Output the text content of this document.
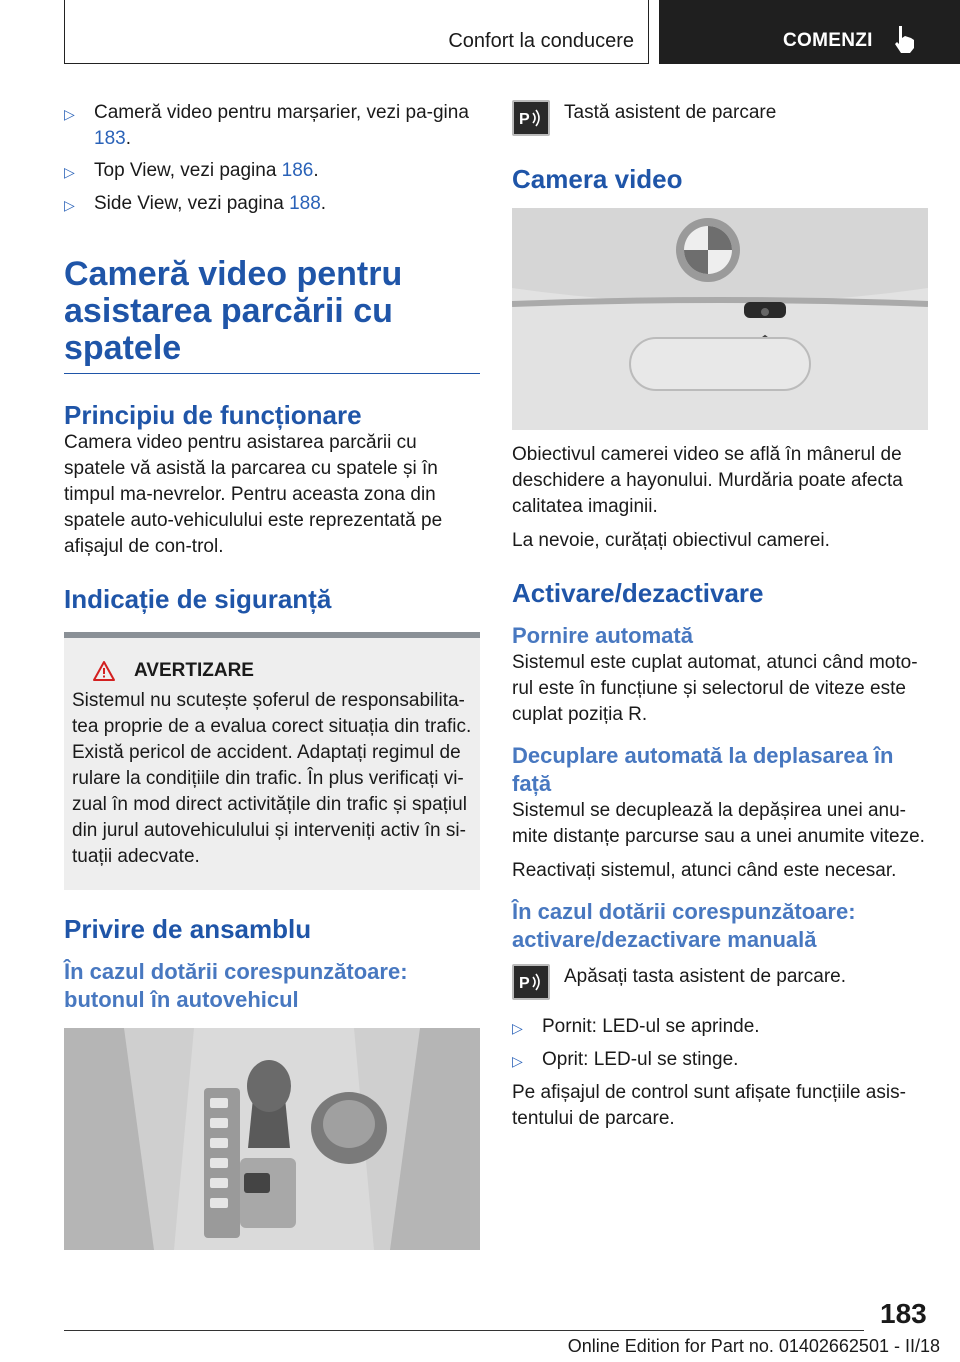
Confort la conducere	COMENZI
▷	Cameră video pentru marșarier, vezi pa-gina 183.
▷	Top View, vezi pagina 186.
▷	Side View, vezi pagina 188.
Cameră video pentru asistarea parcării cu spatele
Principiu de funcționare

Camera video pentru asistarea parcării cu spatele vă asistă la parcarea cu spatele și în timpul ma-nevrelor. Pentru aceasta zona din spatele auto-vehiculului este reprezentată pe afișajul de con-trol.

Indicație de siguranță
AVERTIZARE

Sistemul nu scutește șoferul de responsabilita-tea proprie de a evalua corect situația din trafic. Există pericol de accident. Adaptați regimul de rulare la condițiile din trafic. În plus verificați vi-zual în mod direct activitățile din trafic și spațiul din jurul autovehiculului și interveniți activ în si-tuații adecvate.

Privire de ansamblu
În cazul dotării corespunzătoare: butonul în autovehicul
P Tastă asistent de parcare
Camera video

Obiectivul camerei video se află în mânerul de deschidere a hayonului. Murdăria poate afecta calitatea imaginii.

La nevoie, curățați obiectivul camerei.

Activare/dezactivare
Pornire automată

Sistemul este cuplat automat, atunci când moto-rul este în funcțiune și selectorul de viteze este cuplat poziția R.

Decuplare automată la deplasarea în față

Sistemul se decuplează la depășirea unei anu-mite distanțe parcurse sau a unei anumite viteze.

Reactivați sistemul, atunci când este necesar.

În cazul dotării corespunzătoare: activare/dezactivare manuală
P Apăsați tasta asistent de parcare.
▷	Pornit: LED-ul se aprinde.
▷	Oprit: LED-ul se stinge.

Pe afișajul de control sunt afișate funcțiile asis-tentului de parcare.

183
Online Edition for Part no. 01402662501 - II/18
